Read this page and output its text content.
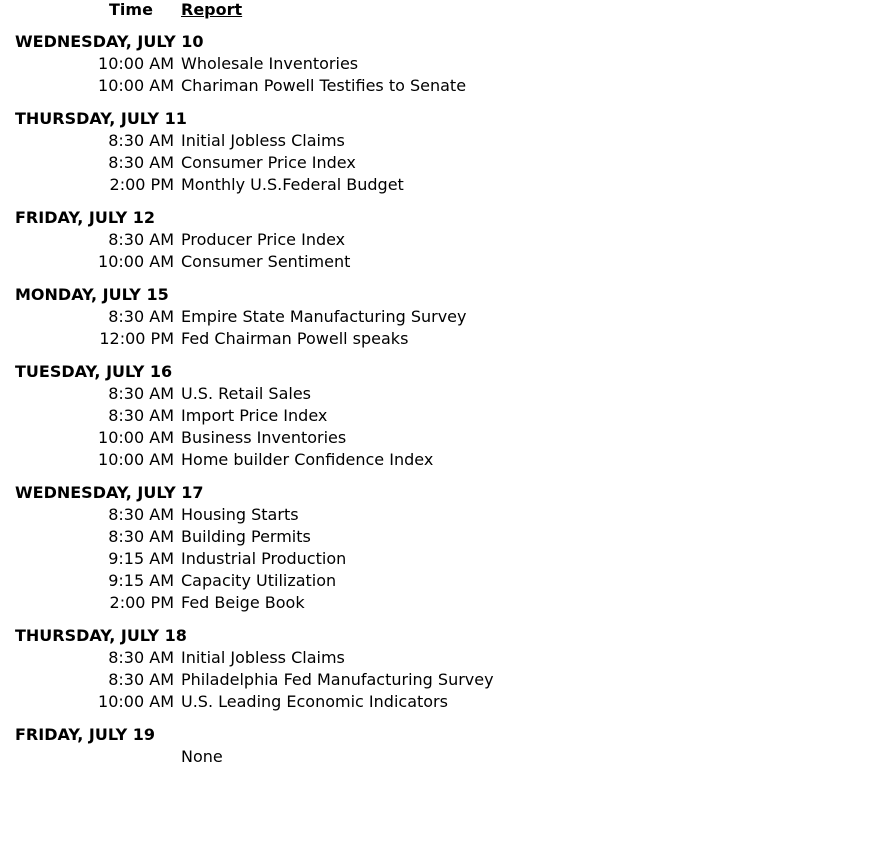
Time	Report
WEDNESDAY, JULY 10
10:00 AM Wholesale Inventories
10:00 AM Chariman Powell Testifies to Senate
THURSDAY, JULY 11
8:30 AM Initial Jobless Claims
8:30 AM Consumer Price Index
2:00 PM Monthly U.S.Federal Budget
FRIDAY, JULY 12
8:30 AM Producer Price Index
10:00 AM Consumer Sentiment
MONDAY, JULY 15
8:30 AM Empire State Manufacturing Survey
12:00 PM Fed Chairman Powell speaks
TUESDAY, JULY 16
8:30 AM U.S. Retail Sales
8:30 AM Import Price Index
10:00 AM Business Inventories
10:00 AM Home builder Confidence Index
WEDNESDAY, JULY 17
8:30 AM Housing Starts
8:30 AM Building Permits
9:15 AM Industrial Production
9:15 AM Capacity Utilization
2:00 PM Fed Beige Book
THURSDAY, JULY 18
8:30 AM Initial Jobless Claims
8:30 AM Philadelphia Fed Manufacturing Survey
10:00 AM U.S. Leading Economic Indicators
FRIDAY, JULY 19
None
